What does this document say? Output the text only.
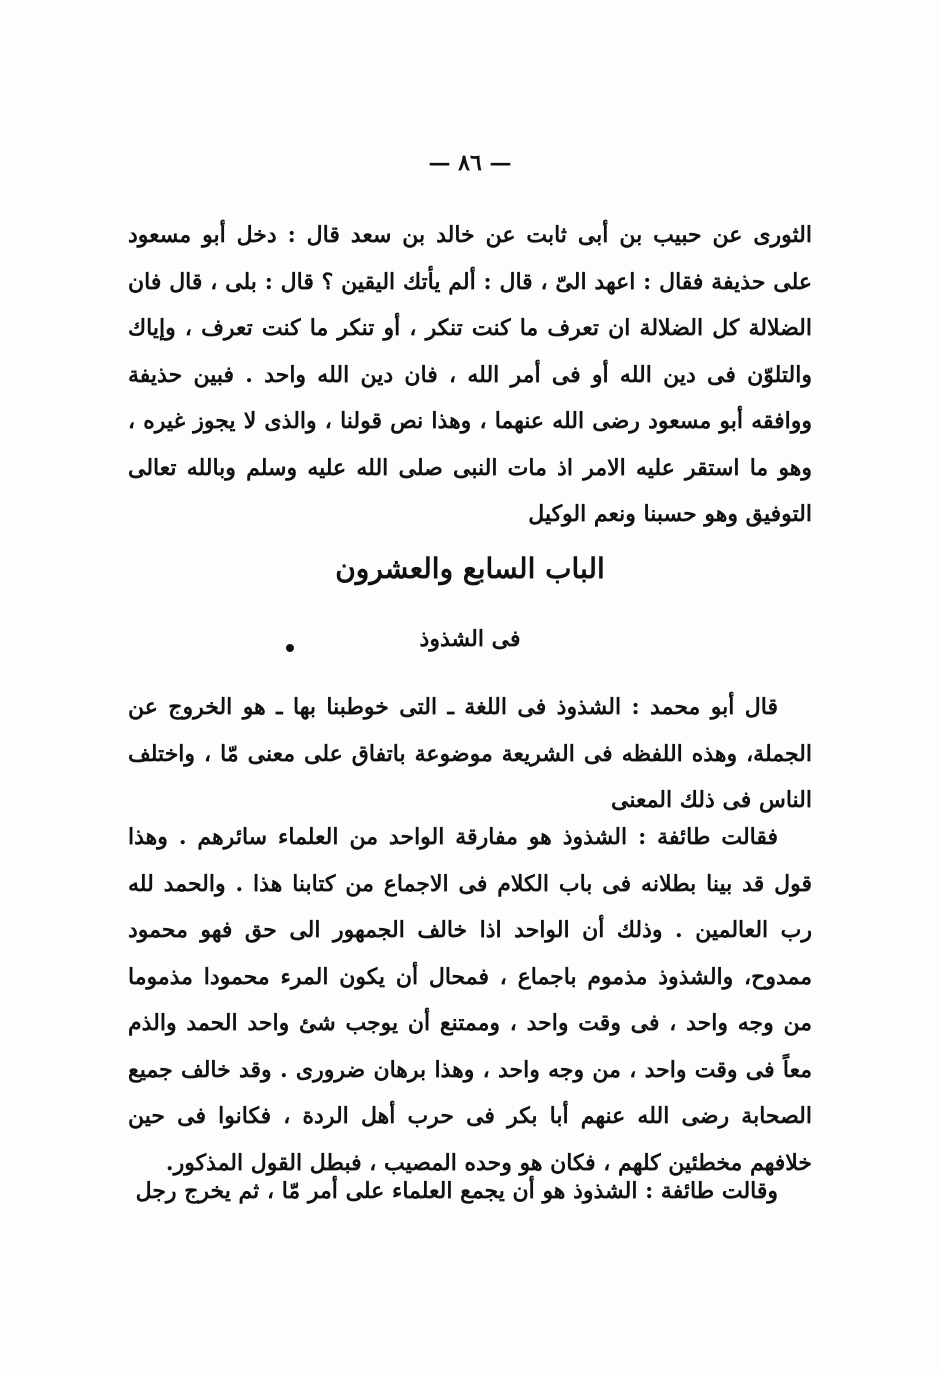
— ٨٦ —

الثورى عن حبيب بن أبى ثابت عن خالد بن سعد قال : دخل أبو مسعود على حذيفة فقال : اعهد الىّ ، قال : ألم يأتك اليقين ؟ قال : بلى ، قال فان الضلالة كل الضلالة ان تعرف ما كنت تنكر ، أو تنكر ما كنت تعرف ، وإياك والتلوّن فى دين الله أو فى أمر الله ، فان دين الله واحد . فبين حذيفة ووافقه أبو مسعود رضى الله عنهما ، وهذا نص قولنا ، والذى لا يجوز غيره ، وهو ما استقر عليه الامر اذ مات النبى صلى الله عليه وسلم وبالله تعالى التوفيق وهو حسبنا ونعم الوكيل

الباب السابع والعشرون
فى الشذوذ

قال أبو محمد : الشذوذ فى اللغة ـ التى خوطبنا بها ـ هو الخروج عن الجملة، وهذه اللفظه فى الشريعة موضوعة باتفاق على معنى مّا ، واختلف الناس فى ذلك المعنى

فقالت طائفة : الشذوذ هو مفارقة الواحد من العلماء سائرهم . وهذا قول قد بينا بطلانه فى باب الكلام فى الاجماع من كتابنا هذا . والحمد لله رب العالمين . وذلك أن الواحد اذا خالف الجمهور الى حق فهو محمود ممدوح، والشذوذ مذموم باجماع ، فمحال أن يكون المرء محمودا مذموما من وجه واحد ، فى وقت واحد ، وممتنع أن يوجب شئ واحد الحمد والذم معاً فى وقت واحد ، من وجه واحد ، وهذا برهان ضرورى . وقد خالف جميع الصحابة رضى الله عنهم أبا بكر فى حرب أهل الردة ، فكانوا فى حين خلافهم مخطئين كلهم ، فكان هو وحده المصيب ، فبطل القول المذكور.

وقالت طائفة : الشذوذ هو أن يجمع العلماء على أمر مّا ، ثم يخرج رجل
